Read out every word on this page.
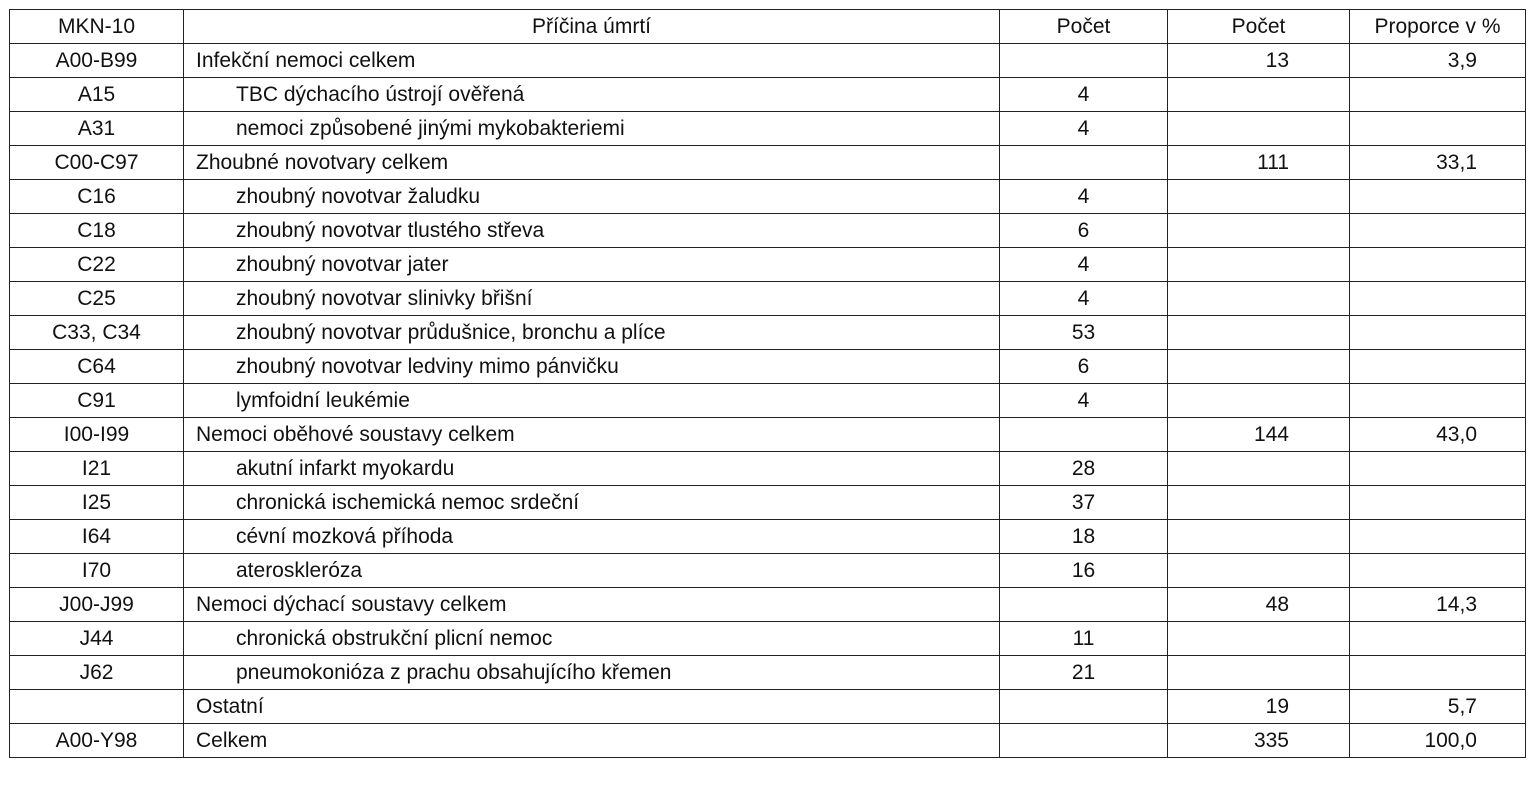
MKN-10	Příčina úmrtí	Počet	Počet	Proporce v %
A00-B99	Infekční nemoci celkem		13	3,9
A15	TBC dýchacího ústrojí ověřená	4		
A31	nemoci způsobené jinými mykobakteriemi	4		
C00-C97	Zhoubné novotvary celkem		111	33,1
C16	zhoubný novotvar žaludku	4		
C18	zhoubný novotvar tlustého střeva	6		
C22	zhoubný novotvar jater	4		
C25	zhoubný novotvar slinivky břišní	4		
C33, C34	zhoubný novotvar průdušnice, bronchu a plíce	53		
C64	zhoubný novotvar ledviny mimo pánvičku	6		
C91	lymfoidní leukémie	4		
I00-I99	Nemoci oběhové soustavy celkem		144	43,0
I21	akutní infarkt myokardu	28		
I25	chronická ischemická nemoc srdeční	37		
I64	cévní mozková příhoda	18		
I70	ateroskleróza	16		
J00-J99	Nemoci dýchací soustavy celkem		48	14,3
J44	chronická obstrukční plicní nemoc	11		
J62	pneumokonióza z prachu obsahujícího křemen	21		
	Ostatní		19	5,7
A00-Y98	Celkem		335	100,0
